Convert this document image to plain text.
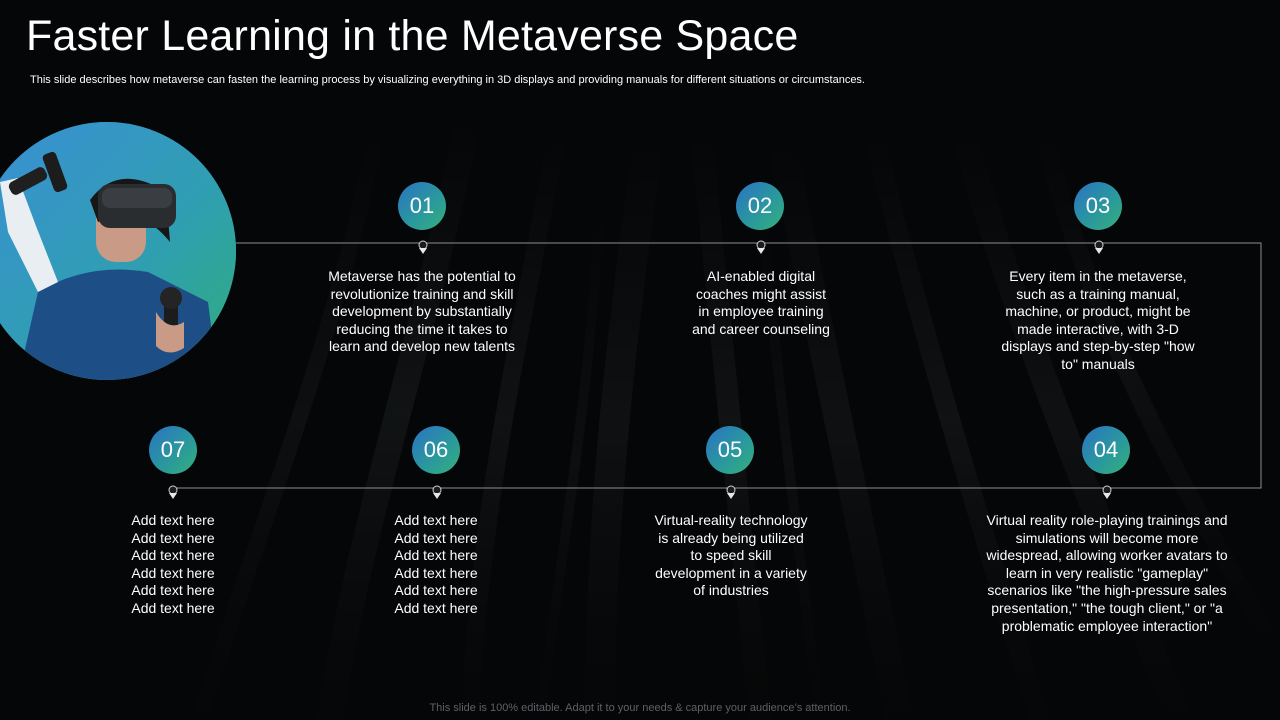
Faster Learning in the Metaverse Space
This slide describes how metaverse can fasten the learning process by visualizing everything in 3D displays and providing manuals for different situations or circumstances.
01
Metaverse has the potential to
revolutionize training and skill
development by substantially
reducing the time it takes to
learn and develop new talents
02
AI-enabled digital
coaches might assist
in employee training
and career counseling
03
Every item in the metaverse,
such as a training manual,
machine, or product, might be
made interactive, with 3-D
displays and step-by-step "how
to" manuals
04
Virtual reality role-playing trainings and
simulations will become more
widespread, allowing worker avatars to
learn in very realistic "gameplay"
scenarios like "the high-pressure sales
presentation," "the tough client," or "a
problematic employee interaction"
05
Virtual-reality technology
is already being utilized
to speed skill
development in a variety
of industries
06
Add text here
Add text here
Add text here
Add text here
Add text here
Add text here
07
Add text here
Add text here
Add text here
Add text here
Add text here
Add text here
This slide is 100% editable. Adapt it to your needs & capture your audience’s attention.
